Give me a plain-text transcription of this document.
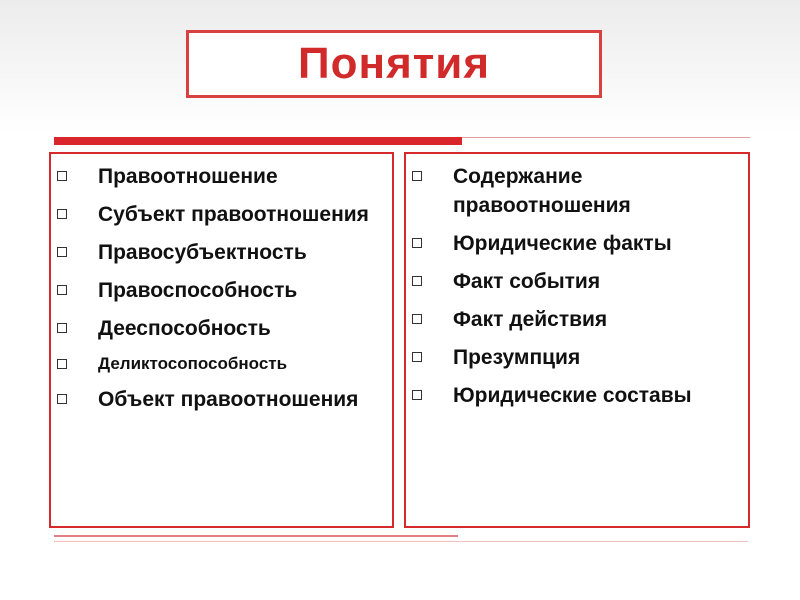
Понятия
Правоотношение
Субъект правоотношения
Правосубъектность
Правоспособность
Дееспособность
Деликтосопособность
Объект правоотношения
Содержание правоотношения
Юридические факты
Факт события
Факт действия
Презумпция
Юридические составы
